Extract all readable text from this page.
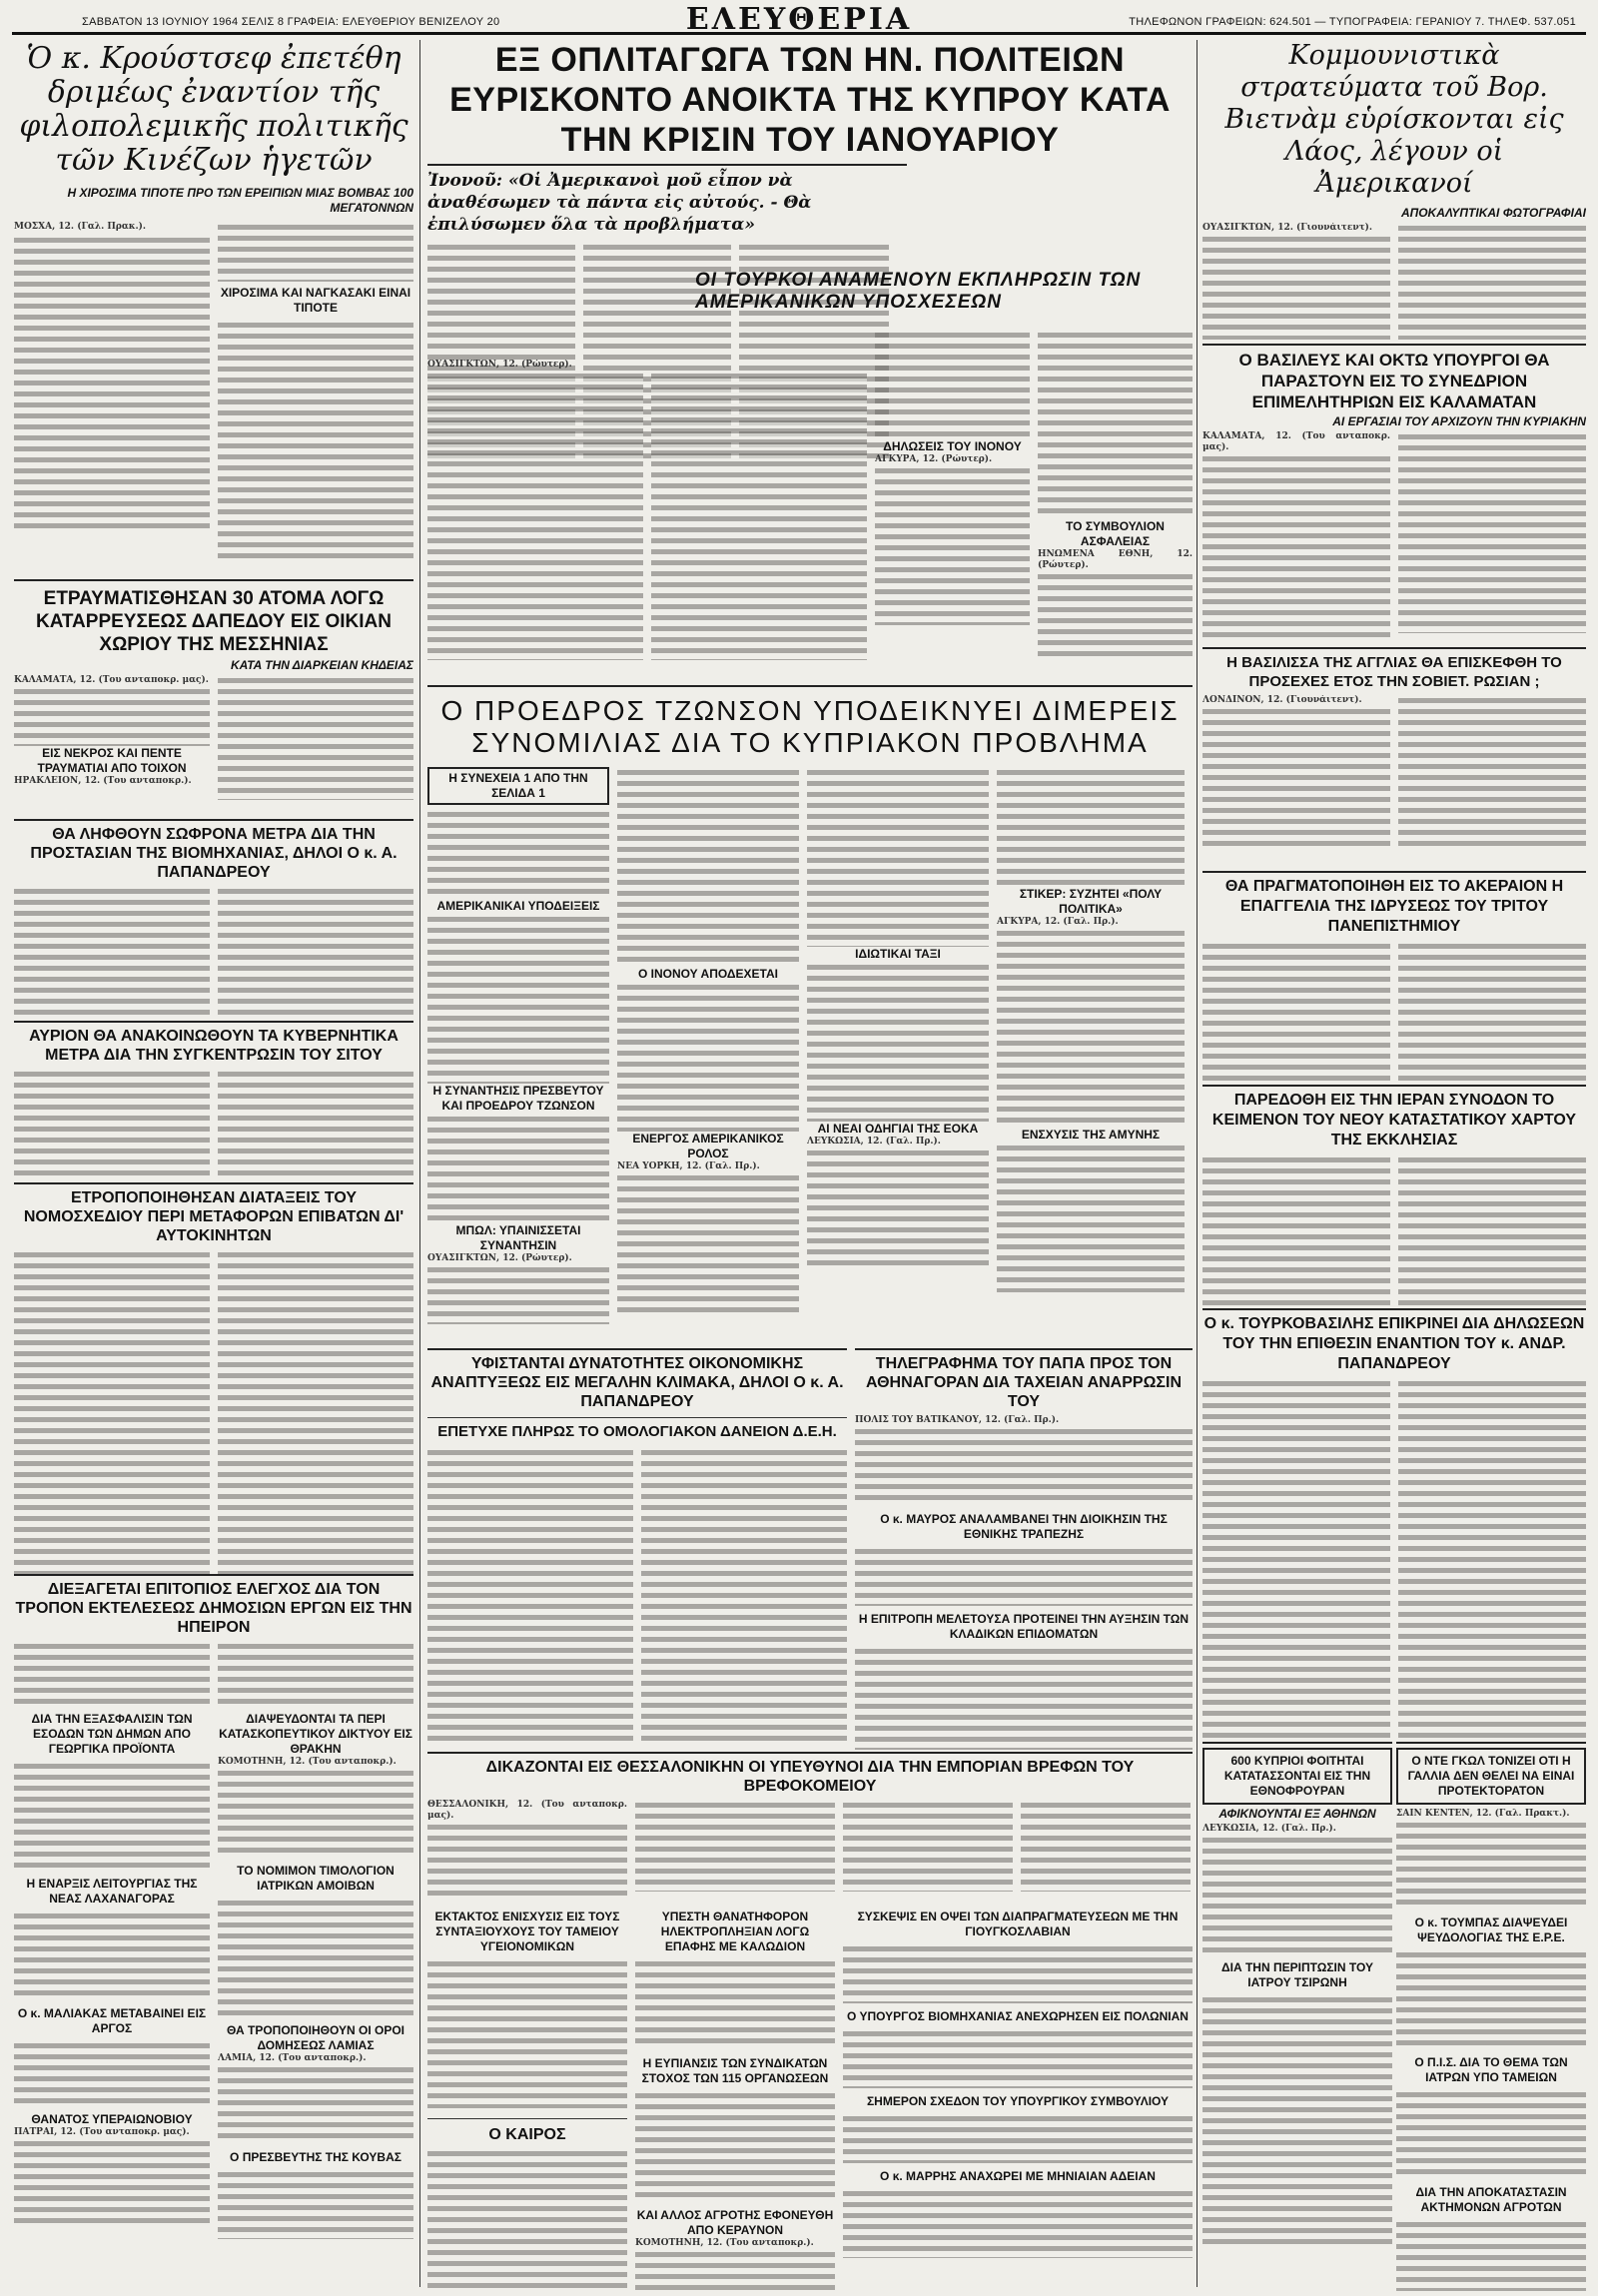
ΣΑΒΒΑΤΟΝ 13 ΙΟΥΝΙΟΥ 1964 ΣΕΛΙΣ 8 ΓΡΑΦΕΙΑ: ΕΛΕΥΘΕΡΙΟΥ ΒΕΝΙΖΕΛΟΥ 20	ΕΛΕΥΘΕΡΙΑ	ΤΗΛΕΦΩΝΟΝ ΓΡΑΦΕΙΩΝ: 624.501 — ΤΥΠΟΓΡΑΦΕΙΑ: ΓΕΡΑΝΙΟΥ 7. ΤΗΛΕΦ. 537.051

Ὁ κ. Κρούστσεφ ἐπετέθη δριμέως ἐναντίον τῆς φιλοπολεμικῆς πολιτικῆς τῶν Κινέζων ἡγετῶν

Η ΧΙΡΟΣΙΜΑ ΤΙΠΟΤΕ ΠΡΟ ΤΩΝ ΕΡΕΙΠΙΩΝ ΜΙΑΣ ΒΟΜΒΑΣ 100 ΜΕΓΑΤΟΝΝΩΝ

ΜΟΣΧΑ, 12. (Γαλ. Πρακ.).

ΧΙΡΟΣΙΜΑ ΚΑΙ ΝΑΓΚΑΣΑΚΙ ΕΙΝΑΙ ΤΙΠΟΤΕ

ΕΤΡΑΥΜΑΤΙΣΘΗΣΑΝ 30 ΑΤΟΜΑ ΛΟΓΩ ΚΑΤΑΡΡΕΥΣΕΩΣ ΔΑΠΕΔΟΥ ΕΙΣ ΟΙΚΙΑΝ ΧΩΡΙΟΥ ΤΗΣ ΜΕΣΣΗΝΙΑΣ

ΚΑΤΑ ΤΗΝ ΔΙΑΡΚΕΙΑΝ ΚΗΔΕΙΑΣ

ΚΑΛΑΜΑΤΑ, 12. (Του ανταποκρ. μας).

ΕΙΣ ΝΕΚΡΟΣ ΚΑΙ ΠΕΝΤΕ ΤΡΑΥΜΑΤΙΑΙ ΑΠΟ ΤΟΙΧΟΝ

ΗΡΑΚΛΕΙΟΝ, 12. (Του ανταποκρ.).

ΘΑ ΛΗΦΘΟΥΝ ΣΩΦΡΟΝΑ ΜΕΤΡΑ ΔΙΑ ΤΗΝ ΠΡΟΣΤΑΣΙΑΝ ΤΗΣ ΒΙΟΜΗΧΑΝΙΑΣ, ΔΗΛΟΙ Ο κ. Α. ΠΑΠΑΝΔΡΕΟΥ

ΑΥΡΙΟΝ ΘΑ ΑΝΑΚΟΙΝΩΘΟΥΝ ΤΑ ΚΥΒΕΡΝΗΤΙΚΑ ΜΕΤΡΑ ΔΙΑ ΤΗΝ ΣΥΓΚΕΝΤΡΩΣΙΝ ΤΟΥ ΣΙΤΟΥ

ΕΤΡΟΠΟΠΟΙΗΘΗΣΑΝ ΔΙΑΤΑΞΕΙΣ ΤΟΥ ΝΟΜΟΣΧΕΔΙΟΥ ΠΕΡΙ ΜΕΤΑΦΟΡΩΝ ΕΠΙΒΑΤΩΝ ΔΙ' ΑΥΤΟΚΙΝΗΤΩΝ

ΔΙΕΞΑΓΕΤΑΙ ΕΠΙΤΟΠΙΟΣ ΕΛΕΓΧΟΣ ΔΙΑ ΤΟΝ ΤΡΟΠΟΝ ΕΚΤΕΛΕΣΕΩΣ ΔΗΜΟΣΙΩΝ ΕΡΓΩΝ ΕΙΣ ΤΗΝ ΗΠΕΙΡΟΝ

ΔΙΑ ΤΗΝ ΕΞΑΣΦΑΛΙΣΙΝ ΤΩΝ ΕΣΟΔΩΝ ΤΩΝ ΔΗΜΩΝ ΑΠΟ ΓΕΩΡΓΙΚΑ ΠΡΟΪΟΝΤΑ

Η ΕΝΑΡΞΙΣ ΛΕΙΤΟΥΡΓΙΑΣ ΤΗΣ ΝΕΑΣ ΛΑΧΑΝΑΓΟΡΑΣ

Ο κ. ΜΑΛΙΑΚΑΣ ΜΕΤΑΒΑΙΝΕΙ ΕΙΣ ΑΡΓΟΣ

ΘΑΝΑΤΟΣ ΥΠΕΡΑΙΩΝΟΒΙΟΥ

ΠΑΤΡΑΙ, 12. (Του ανταποκρ. μας).

ΔΙΑΨΕΥΔΟΝΤΑΙ ΤΑ ΠΕΡΙ ΚΑΤΑΣΚΟΠΕΥΤΙΚΟΥ ΔΙΚΤΥΟΥ ΕΙΣ ΘΡΑΚΗΝ

ΚΟΜΟΤΗΝΗ, 12. (Του ανταποκρ.).

ΤΟ ΝΟΜΙΜΟΝ ΤΙΜΟΛΟΓΙΟΝ ΙΑΤΡΙΚΩΝ ΑΜΟΙΒΩΝ

ΘΑ ΤΡΟΠΟΠΟΙΗΘΟΥΝ ΟΙ ΟΡΟΙ ΔΟΜΗΣΕΩΣ ΛΑΜΙΑΣ

ΛΑΜΙΑ, 12. (Του ανταποκρ.).

Ο ΠΡΕΣΒΕΥΤΗΣ ΤΗΣ ΚΟΥΒΑΣ

ΕΞ ΟΠΛΙΤΑΓΩΓΑ ΤΩΝ ΗΝ. ΠΟΛΙΤΕΙΩΝ ΕΥΡΙΣΚΟΝΤΟ ΑΝΟΙΚΤΑ ΤΗΣ ΚΥΠΡΟΥ ΚΑΤΑ ΤΗΝ ΚΡΙΣΙΝ ΤΟΥ ΙΑΝΟΥΑΡΙΟΥ

Ἰνονοῦ: «Οἱ Ἀμερικανοὶ μοῦ εἶπον νὰ ἀναθέσωμεν τὰ πάντα εἰς αὐτούς. - Θὰ ἐπιλύσωμεν ὅλα τὰ προβλήματα»

ΟΥΑΣΙΓΚΤΩΝ, 12. (Ρώυτερ).

ΟΙ ΤΟΥΡΚΟΙ ΑΝΑΜΕΝΟΥΝ ΕΚΠΛΗΡΩΣΙΝ ΤΩΝ ΑΜΕΡΙΚΑΝΙΚΩΝ ΥΠΟΣΧΕΣΕΩΝ

ΔΗΛΩΣΕΙΣ ΤΟΥ ΙΝΟΝΟΥ

ΑΓΚΥΡΑ, 12. (Ρώυτερ).

ΤΟ ΣΥΜΒΟΥΛΙΟΝ ΑΣΦΑΛΕΙΑΣ

ΗΝΩΜΕΝΑ ΕΘΝΗ, 12. (Ρώυτερ).

Ο ΠΡΟΕΔΡΟΣ ΤΖΩΝΣΟΝ ΥΠΟΔΕΙΚΝΥΕΙ ΔΙΜΕΡΕΙΣ ΣΥΝΟΜΙΛΙΑΣ ΔΙΑ ΤΟ ΚΥΠΡΙΑΚΟΝ ΠΡΟΒΛΗΜΑ

Η ΣΥΝΕΧΕΙΑ 1 ΑΠΟ ΤΗΝ ΣΕΛΙΔΑ 1

ΑΜΕΡΙΚΑΝΙΚΑΙ ΥΠΟΔΕΙΞΕΙΣ

Η ΣΥΝΑΝΤΗΣΙΣ ΠΡΕΣΒΕΥΤΟΥ ΚΑΙ ΠΡΟΕΔΡΟΥ ΤΖΩΝΣΟΝ

ΜΠΩΛ: ΥΠΑΙΝΙΣΣΕΤΑΙ ΣΥΝΑΝΤΗΣΙΝ

ΟΥΑΣΙΓΚΤΩΝ, 12. (Ρώυτερ).

Ο ΙΝΟΝΟΥ ΑΠΟΔΕΧΕΤΑΙ

ΕΝΕΡΓΟΣ ΑΜΕΡΙΚΑΝΙΚΟΣ ΡΟΛΟΣ

ΝΕΑ ΥΟΡΚΗ, 12. (Γαλ. Πρ.).

ΙΔΙΩΤΙΚΑΙ ΤΑΞΙ

ΑΙ ΝΕΑΙ ΟΔΗΓΙΑΙ ΤΗΣ ΕΟΚΑ

ΛΕΥΚΩΣΙΑ, 12. (Γαλ. Πρ.).

ΣΤΙΚΕΡ: ΣΥΖΗΤΕΙ «ΠΟΛΥ ΠΟΛΙΤΙΚΑ»

ΑΓΚΥΡΑ, 12. (Γαλ. Πρ.).

ΕΝΣΧΥΣΙΣ ΤΗΣ ΑΜΥΝΗΣ

ΥΦΙΣΤΑΝΤΑΙ ΔΥΝΑΤΟΤΗΤΕΣ ΟΙΚΟΝΟΜΙΚΗΣ ΑΝΑΠΤΥΞΕΩΣ ΕΙΣ ΜΕΓΑΛΗΝ ΚΛΙΜΑΚΑ, ΔΗΛΟΙ Ο κ. Α. ΠΑΠΑΝΔΡΕΟΥ

ΕΠΕΤΥΧΕ ΠΛΗΡΩΣ ΤΟ ΟΜΟΛΟΓΙΑΚΟΝ ΔΑΝΕΙΟΝ Δ.Ε.Η.

ΤΗΛΕΓΡΑΦΗΜΑ ΤΟΥ ΠΑΠΑ ΠΡΟΣ ΤΟΝ ΑΘΗΝΑΓΟΡΑΝ ΔΙΑ ΤΑΧΕΙΑΝ ΑΝΑΡΡΩΣΙΝ ΤΟΥ

ΠΟΛΙΣ ΤΟΥ ΒΑΤΙΚΑΝΟΥ, 12. (Γαλ. Πρ.).

Ο κ. ΜΑΥΡΟΣ ΑΝΑΛΑΜΒΑΝΕΙ ΤΗΝ ΔΙΟΙΚΗΣΙΝ ΤΗΣ ΕΘΝΙΚΗΣ ΤΡΑΠΕΖΗΣ

Η ΕΠΙΤΡΟΠΗ ΜΕΛΕΤΟΥΣΑ ΠΡΟΤΕΙΝΕΙ ΤΗΝ ΑΥΞΗΣΙΝ ΤΩΝ ΚΛΑΔΙΚΩΝ ΕΠΙΔΟΜΑΤΩΝ

ΔΙΚΑΖΟΝΤΑΙ ΕΙΣ ΘΕΣΣΑΛΟΝΙΚΗΝ ΟΙ ΥΠΕΥΘΥΝΟΙ ΔΙΑ ΤΗΝ ΕΜΠΟΡΙΑΝ ΒΡΕΦΩΝ ΤΟΥ ΒΡΕΦΟΚΟΜΕΙΟΥ

ΘΕΣΣΑΛΟΝΙΚΗ, 12. (Του ανταποκρ. μας).

ΕΚΤΑΚΤΟΣ ΕΝΙΣΧΥΣΙΣ ΕΙΣ ΤΟΥΣ ΣΥΝΤΑΞΙΟΥΧΟΥΣ ΤΟΥ ΤΑΜΕΙΟΥ ΥΓΕΙΟΝΟΜΙΚΩΝ

Ο ΚΑΙΡΟΣ

ΥΠΕΣΤΗ ΘΑΝΑΤΗΦΟΡΟΝ ΗΛΕΚΤΡΟΠΛΗΞΙΑΝ ΛΟΓΩ ΕΠΑΦΗΣ ΜΕ ΚΑΛΩΔΙΟΝ

Η ΕΥΠΙΑΝΣΙΣ ΤΩΝ ΣΥΝΔΙΚΑΤΩΝ ΣΤΟΧΟΣ ΤΩΝ 115 ΟΡΓΑΝΩΣΕΩΝ

ΚΑΙ ΑΛΛΟΣ ΑΓΡΟΤΗΣ ΕΦΟΝΕΥΘΗ ΑΠΟ ΚΕΡΑΥΝΟΝ

ΚΟΜΟΤΗΝΗ, 12. (Του ανταποκρ.).

ΣΥΣΚΕΨΙΣ ΕΝ ΟΨΕΙ ΤΩΝ ΔΙΑΠΡΑΓΜΑΤΕΥΣΕΩΝ ΜΕ ΤΗΝ ΓΙΟΥΓΚΟΣΛΑΒΙΑΝ

Ο ΥΠΟΥΡΓΟΣ ΒΙΟΜΗΧΑΝΙΑΣ ΑΝΕΧΩΡΗΣΕΝ ΕΙΣ ΠΟΛΩΝΙΑΝ

ΣΗΜΕΡΟΝ ΣΧΕΔΟΝ ΤΟΥ ΥΠΟΥΡΓΙΚΟΥ ΣΥΜΒΟΥΛΙΟΥ

Ο κ. ΜΑΡΡΗΣ ΑΝΑΧΩΡΕΙ ΜΕ ΜΗΝΙΑΙΑΝ ΑΔΕΙΑΝ

Κομμουνιστικὰ στρατεύματα τοῦ Βορ. Βιετνὰμ εὑρίσκονται εἰς Λάος, λέγουν οἱ Ἀμερικανοί

ΑΠΟΚΑΛΥΠΤΙΚΑΙ ΦΩΤΟΓΡΑΦΙΑΙ

ΟΥΑΣΙΓΚΤΩΝ, 12. (Γιουνάιτεντ).

Ο ΒΑΣΙΛΕΥΣ ΚΑΙ ΟΚΤΩ ΥΠΟΥΡΓΟΙ ΘΑ ΠΑΡΑΣΤΟΥΝ ΕΙΣ ΤΟ ΣΥΝΕΔΡΙΟΝ ΕΠΙΜΕΛΗΤΗΡΙΩΝ ΕΙΣ ΚΑΛΑΜΑΤΑΝ

ΑΙ ΕΡΓΑΣΙΑΙ ΤΟΥ ΑΡΧΙΖΟΥΝ ΤΗΝ ΚΥΡΙΑΚΗΝ

ΚΑΛΑΜΑΤΑ, 12. (Του ανταποκρ. μας).

Η ΒΑΣΙΛΙΣΣΑ ΤΗΣ ΑΓΓΛΙΑΣ ΘΑ ΕΠΙΣΚΕΦΘΗ ΤΟ ΠΡΟΣΕΧΕΣ ΕΤΟΣ ΤΗΝ ΣΟΒΙΕΤ. ΡΩΣΙΑΝ ;

ΛΟΝΔΙΝΟΝ, 12. (Γιουνάιτεντ).

ΘΑ ΠΡΑΓΜΑΤΟΠΟΙΗΘΗ ΕΙΣ ΤΟ ΑΚΕΡΑΙΟΝ Η ΕΠΑΓΓΕΛΙΑ ΤΗΣ ΙΔΡΥΣΕΩΣ ΤΟΥ ΤΡΙΤΟΥ ΠΑΝΕΠΙΣΤΗΜΙΟΥ

ΠΑΡΕΔΟΘΗ ΕΙΣ ΤΗΝ ΙΕΡΑΝ ΣΥΝΟΔΟΝ ΤΟ ΚΕΙΜΕΝΟΝ ΤΟΥ ΝΕΟΥ ΚΑΤΑΣΤΑΤΙΚΟΥ ΧΑΡΤΟΥ ΤΗΣ ΕΚΚΛΗΣΙΑΣ

Ο κ. ΤΟΥΡΚΟΒΑΣΙΛΗΣ ΕΠΙΚΡΙΝΕΙ ΔΙΑ ΔΗΛΩΣΕΩΝ ΤΟΥ ΤΗΝ ΕΠΙΘΕΣΙΝ ΕΝΑΝΤΙΟΝ ΤΟΥ κ. ΑΝΔΡ. ΠΑΠΑΝΔΡΕΟΥ

600 ΚΥΠΡΙΟΙ ΦΟΙΤΗΤΑΙ ΚΑΤΑΤΑΣΣΟΝΤΑΙ ΕΙΣ ΤΗΝ ΕΘΝΟΦΡΟΥΡΑΝ

ΑΦΙΚΝΟΥΝΤΑΙ ΕΞ ΑΘΗΝΩΝ

ΛΕΥΚΩΣΙΑ, 12. (Γαλ. Πρ.).

ΔΙΑ ΤΗΝ ΠΕΡΙΠΤΩΣΙΝ ΤΟΥ ΙΑΤΡΟΥ ΤΣΙΡΩΝΗ

Ο ΝΤΕ ΓΚΩΛ ΤΟΝΙΖΕΙ ΟΤΙ Η ΓΑΛΛΙΑ ΔΕΝ ΘΕΛΕΙ ΝΑ ΕΙΝΑΙ ΠΡΟΤΕΚΤΟΡΑΤΟΝ

ΣΑΙΝ ΚΕΝΤΕΝ, 12. (Γαλ. Πρακτ.).

Ο κ. ΤΟΥΜΠΑΣ ΔΙΑΨΕΥΔΕΙ ΨΕΥΔΟΛΟΓΙΑΣ ΤΗΣ Ε.Ρ.Ε.

Ο Π.Ι.Σ. ΔΙΑ ΤΟ ΘΕΜΑ ΤΩΝ ΙΑΤΡΩΝ ΥΠΟ ΤΑΜΕΙΩΝ

ΔΙΑ ΤΗΝ ΑΠΟΚΑΤΑΣΤΑΣΙΝ ΑΚΤΗΜΟΝΩΝ ΑΓΡΟΤΩΝ
